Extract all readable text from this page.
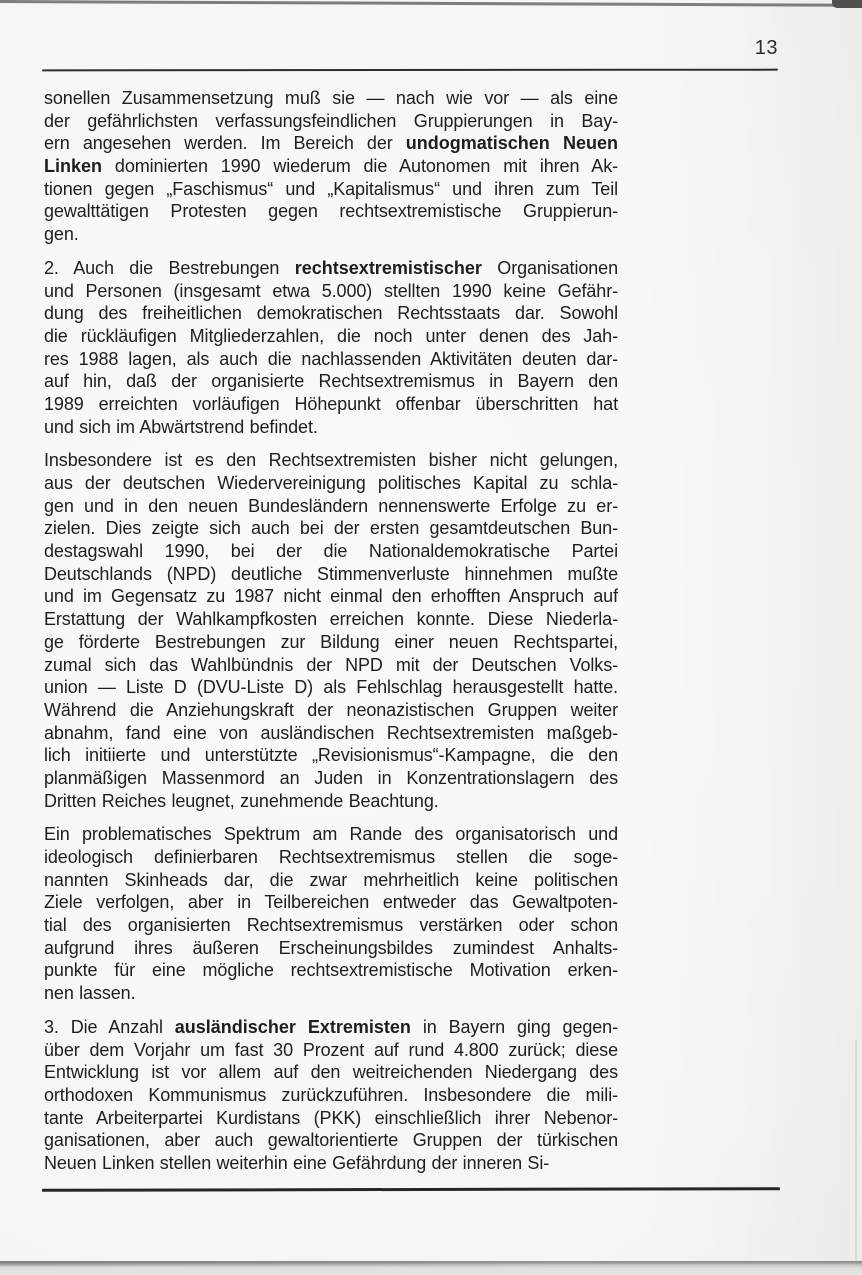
13
sonellen Zusammensetzung muß sie — nach wie vor — als eine
der gefährlichsten verfassungsfeindlichen Gruppierungen in Bay-
ern angesehen werden. Im Bereich der undogmatischen Neuen
Linken dominierten 1990 wiederum die Autonomen mit ihren Ak-
tionen gegen „Faschismus“ und „Kapitalismus“ und ihren zum Teil
gewalttätigen Protesten gegen rechtsextremistische Gruppierun-
gen.
2. Auch die Bestrebungen rechtsextremistischer Organisationen
und Personen (insgesamt etwa 5.000) stellten 1990 keine Gefähr-
dung des freiheitlichen demokratischen Rechtsstaats dar. Sowohl
die rückläufigen Mitgliederzahlen, die noch unter denen des Jah-
res 1988 lagen, als auch die nachlassenden Aktivitäten deuten dar-
auf hin, daß der organisierte Rechtsextremismus in Bayern den
1989 erreichten vorläufigen Höhepunkt offenbar überschritten hat
und sich im Abwärtstrend befindet.
Insbesondere ist es den Rechtsextremisten bisher nicht gelungen,
aus der deutschen Wiedervereinigung politisches Kapital zu schla-
gen und in den neuen Bundesländern nennenswerte Erfolge zu er-
zielen. Dies zeigte sich auch bei der ersten gesamtdeutschen Bun-
destagswahl 1990, bei der die Nationaldemokratische Partei
Deutschlands (NPD) deutliche Stimmenverluste hinnehmen mußte
und im Gegensatz zu 1987 nicht einmal den erhofften Anspruch auf
Erstattung der Wahlkampfkosten erreichen konnte. Diese Niederla-
ge förderte Bestrebungen zur Bildung einer neuen Rechtspartei,
zumal sich das Wahlbündnis der NPD mit der Deutschen Volks-
union — Liste D (DVU-Liste D) als Fehlschlag herausgestellt hatte.
Während die Anziehungskraft der neonazistischen Gruppen weiter
abnahm, fand eine von ausländischen Rechtsextremisten maßgeb-
lich initiierte und unterstützte „Revisionismus“-Kampagne, die den
planmäßigen Massenmord an Juden in Konzentrationslagern des
Dritten Reiches leugnet, zunehmende Beachtung.
Ein problematisches Spektrum am Rande des organisatorisch und
ideologisch definierbaren Rechtsextremismus stellen die soge-
nannten Skinheads dar, die zwar mehrheitlich keine politischen
Ziele verfolgen, aber in Teilbereichen entweder das Gewaltpoten-
tial des organisierten Rechtsextremismus verstärken oder schon
aufgrund ihres äußeren Erscheinungsbildes zumindest Anhalts-
punkte für eine mögliche rechtsextremistische Motivation erken-
nen lassen.
3. Die Anzahl ausländischer Extremisten in Bayern ging gegen-
über dem Vorjahr um fast 30 Prozent auf rund 4.800 zurück; diese
Entwicklung ist vor allem auf den weitreichenden Niedergang des
orthodoxen Kommunismus zurückzuführen. Insbesondere die mili-
tante Arbeiterpartei Kurdistans (PKK) einschließlich ihrer Nebenor-
ganisationen, aber auch gewaltorientierte Gruppen der türkischen
Neuen Linken stellen weiterhin eine Gefährdung der inneren Si-
